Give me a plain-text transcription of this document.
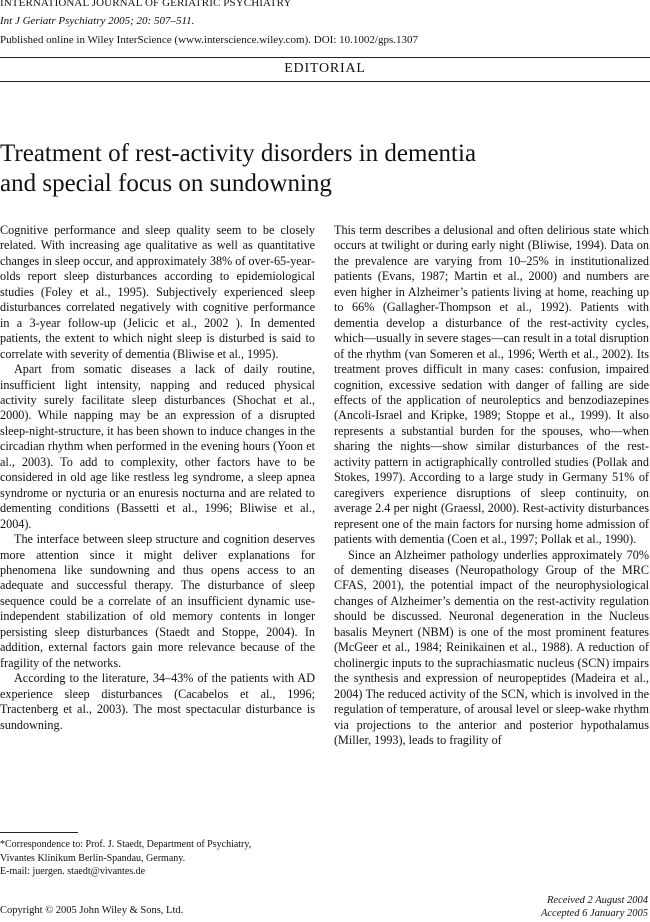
INTERNATIONAL JOURNAL OF GERIATRIC PSYCHIATRY
Int J Geriatr Psychiatry 2005; 20: 507–511.
Published online in Wiley InterScience (www.interscience.wiley.com). DOI: 10.1002/gps.1307
EDITORIAL
Treatment of rest-activity disorders in dementia
and special focus on sundowning

Cognitive performance and sleep quality seem to be closely related. With increasing age qualitative as well as quantitative changes in sleep occur, and approximately 38% of over-65-year-olds report sleep disturbances according to epidemiological studies (Foley et al., 1995). Subjectively experienced sleep disturbances correlated negatively with cognitive performance in a 3-year follow-up (Jelicic et al., 2002 ). In demented patients, the extent to which night sleep is disturbed is said to correlate with severity of dementia (Bliwise et al., 1995).

Apart from somatic diseases a lack of daily routine, insufficient light intensity, napping and reduced physical activity surely facilitate sleep disturbances (Shochat et al., 2000). While napping may be an expression of a disrupted sleep-night-structure, it has been shown to induce changes in the circadian rhythm when performed in the evening hours (Yoon et al., 2003). To add to complexity, other factors have to be considered in old age like restless leg syndrome, a sleep apnea syndrome or nycturia or an enuresis nocturna and are related to dementing conditions (Bassetti et al., 1996; Bliwise et al., 2004).

The interface between sleep structure and cognition deserves more attention since it might deliver explanations for phenomena like sundowning and thus opens access to an adequate and successful therapy. The disturbance of sleep sequence could be a correlate of an insufficient dynamic use-independent stabilization of old memory contents in longer persisting sleep disturbances (Staedt and Stoppe, 2004). In addition, external factors gain more relevance because of the fragility of the networks.

According to the literature, 34–43% of the patients with AD experience sleep disturbances (Cacabelos et al., 1996; Tractenberg et al., 2003). The most spectacular disturbance is sundowning.

This term describes a delusional and often delirious state which occurs at twilight or during early night (Bliwise, 1994). Data on the prevalence are varying from 10–25% in institutionalized patients (Evans, 1987; Martin et al., 2000) and numbers are even higher in Alzheimer’s patients living at home, reaching up to 66% (Gallagher-Thompson et al., 1992). Patients with dementia develop a disturbance of the rest-activity cycles, which—usually in severe stages—can result in a total disruption of the rhythm (van Someren et al., 1996; Werth et al., 2002). Its treatment proves difficult in many cases: confusion, impaired cognition, excessive sedation with danger of falling are side effects of the application of neuroleptics and benzodiazepines (Ancoli-Israel and Kripke, 1989; Stoppe et al., 1999). It also represents a substantial burden for the spouses, who—when sharing the nights—show similar disturbances of the rest-activity pattern in actigraphically controlled studies (Pollak and Stokes, 1997). According to a large study in Germany 51% of caregivers experience disruptions of sleep continuity, on average 2.4 per night (Graessl, 2000). Rest-activity disturbances represent one of the main factors for nursing home admission of patients with dementia (Coen et al., 1997; Pollak et al., 1990).

Since an Alzheimer pathology underlies approximately 70% of dementing diseases (Neuropathology Group of the MRC CFAS, 2001), the potential impact of the neurophysiological changes of Alzheimer’s dementia on the rest-activity regulation should be discussed. Neuronal degeneration in the Nucleus basalis Meynert (NBM) is one of the most prominent features (McGeer et al., 1984; Reinikainen et al., 1988). A reduction of cholinergic inputs to the suprachiasmatic nucleus (SCN) impairs the synthesis and expression of neuropeptides (Madeira et al., 2004) The reduced activity of the SCN, which is involved in the regulation of temperature, of arousal level or sleep-wake rhythm via projections to the anterior and posterior hypothalamus (Miller, 1993), leads to fragility of

*Correspondence to: Prof. J. Staedt, Department of Psychiatry,
Vivantes Klinikum Berlin-Spandau, Germany.
E-mail: juergen. staedt@vivantes.de
Copyright © 2005 John Wiley & Sons, Ltd.
Received 2 August 2004
Accepted 6 January 2005
